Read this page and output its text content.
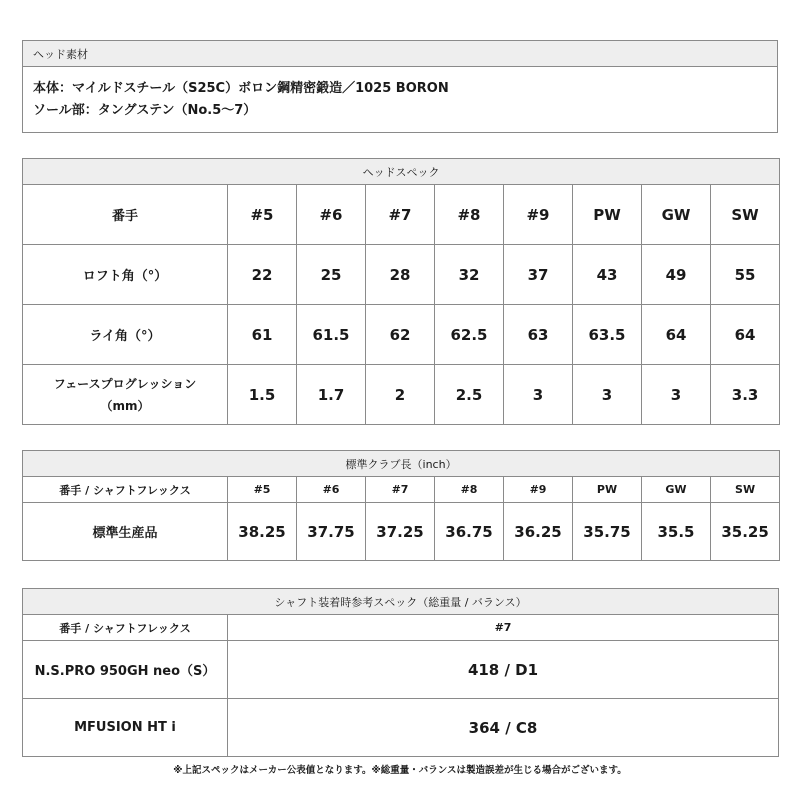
ヘッド素材

本体：マイルドスチール（S25C）ボロン鋼精密鍛造／1025 BORON
ソール部：タングステン（No.5～7）
ヘッドスペック								
番手	#5	#6	#7	#8	#9	PW	GW	SW
ロフト角（°）	22	25	28	32	37	43	49	55
ライ角（°）	61	61.5	62	62.5	63	63.5	64	64

フェースプログレッション
（mm）	1.5	1.7	2	2.5	3	3	3	3.3
標準クラブ長（inch）								
番手 / シャフトフレックス	#5	#6	#7	#8	#9	PW	GW	SW
標準生産品	38.25	37.75	37.25	36.75	36.25	35.75	35.5	35.25
シャフト装着時参考スペック（総重量 / バランス）	
番手 / シャフトフレックス	#7
N.S.PRO 950GH neo（S）	418 / D1
MFUSION HT i	364 / C8
※上記スペックはメーカー公表値となります。※総重量・バランスは製造誤差が生じる場合がございます。
